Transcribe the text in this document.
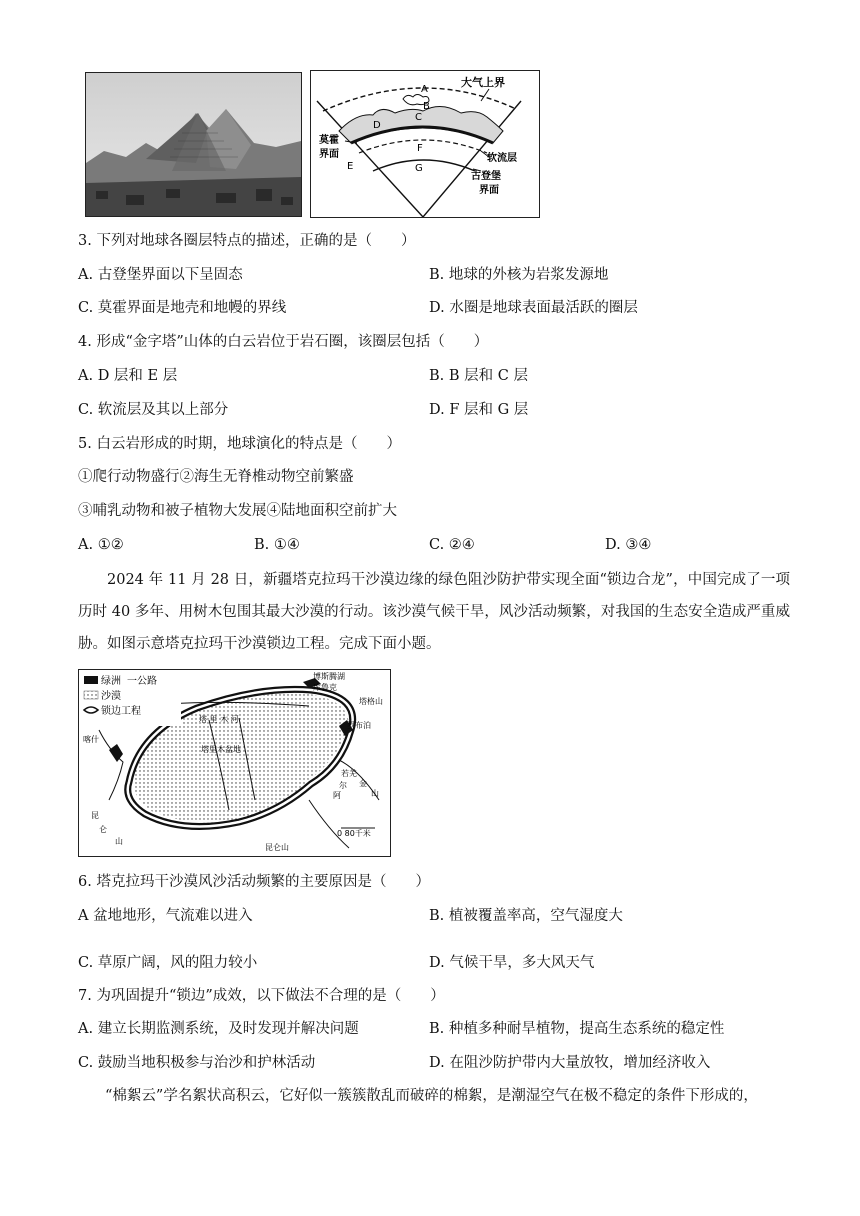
大气上界
A
B
C
D
E
F
G
莫霍
界面	软流层
古登堡
界面
3. 下列对地球各圈层特点的描述，正确的是（　　）
A. 古登堡界面以下呈固态	B. 地球的外核为岩浆发源地
C. 莫霍界面是地壳和地幔的界线	D. 水圈是地球表面最活跃的圈层
4. 形成“金字塔”山体的白云岩位于岩石圈，该圈层包括（　　）
A. D 层和 E 层	B. B 层和 C 层
C. 软流层及其以上部分	D. F 层和 G 层
5. 白云岩形成的时期，地球演化的特点是（　　）
①爬行动物盛行②海生无脊椎动物空前繁盛
③哺乳动物和被子植物大发展④陆地面积空前扩大
A. ①②	B. ①④	C. ②④	D. ③④
2024 年 11 月 28 日，新疆塔克拉玛干沙漠边缘的绿色阻沙防护带实现全面“锁边合龙”，中国完成了一项历时 40 多年、用树木包围其最大沙漠的行动。该沙漠气候干旱，风沙活动频繁，对我国的生态安全造成严重威胁。如图示意塔克拉玛干沙漠锁边工程。完成下面小题。
绿洲 一公路
沙漠
锁边工程
博斯腾湖
库鲁克
塔格山
罗布泊
塔 里 木 河
塔里木盆地
喀什
若羌
阿
尔 金
山
昆
仑
山
昆仑山
0 80千米
6. 塔克拉玛干沙漠风沙活动频繁的主要原因是（　　）
A 盆地地形，气流难以进入	B. 植被覆盖率高，空气湿度大
C. 草原广阔，风的阻力较小	D. 气候干旱，多大风天气
7. 为巩固提升“锁边”成效，以下做法不合理的是（　　）
A. 建立长期监测系统，及时发现并解决问题	B. 种植多种耐旱植物，提高生态系统的稳定性
C. 鼓励当地积极参与治沙和护林活动	D. 在阻沙防护带内大量放牧，增加经济收入
“棉絮云”学名絮状高积云，它好似一簇簇散乱而破碎的棉絮，是潮湿空气在极不稳定的条件下形成的，
